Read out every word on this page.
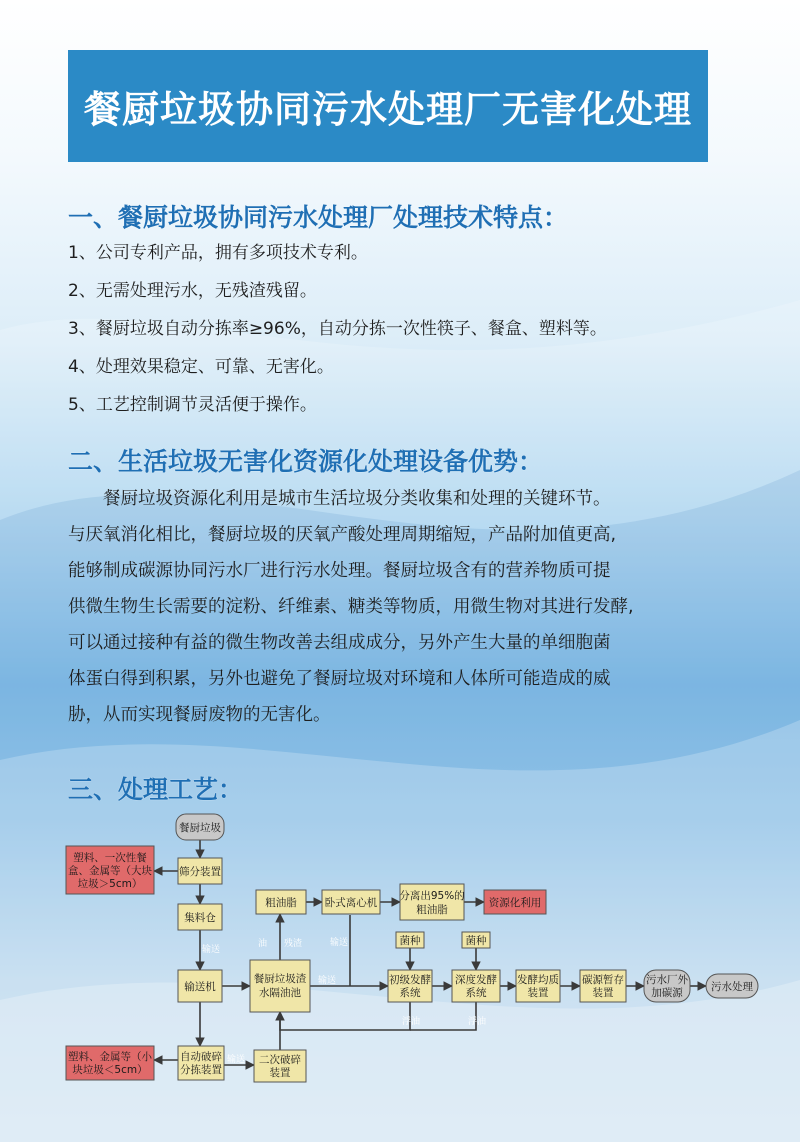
餐厨垃圾协同污水处理厂无害化处理
一、餐厨垃圾协同污水处理厂处理技术特点：
1、公司专利产品，拥有多项技术专利。
2、无需处理污水，无残渣残留。
3、餐厨垃圾自动分拣率≥96%，自动分拣一次性筷子、餐盒、塑料等。
4、处理效果稳定、可靠、无害化。
5、工艺控制调节灵活便于操作。
二、生活垃圾无害化资源化处理设备优势：
　　餐厨垃圾资源化利用是城市生活垃圾分类收集和处理的关键环节。
与厌氧消化相比，餐厨垃圾的厌氧产酸处理周期缩短，产品附加值更高,
能够制成碳源协同污水厂进行污水处理。餐厨垃圾含有的营养物质可提
供微生物生长需要的淀粉、纤维素、糖类等物质，用微生物对其进行发酵,
可以通过接种有益的微生物改善去组成成分，另外产生大量的单细胞菌
体蛋白得到积累，另外也避免了餐厨垃圾对环境和人体所可能造成的威
胁，从而实现餐厨废物的无害化。
三、处理工艺：
餐厨垃圾
筛分装置
塑料、一次性餐
盒、金属等（大块
垃圾＞5cm）
集料仓
输送机
自动破碎
分拣装置
塑料、金属等（小
块垃圾＜5cm）
二次破碎
装置
餐厨垃圾渣
水隔油池
粗油脂	卧式离心机
分离出95%的
粗油脂
资源化利用
菌种	菌种
初级发酵
系统
深度发酵
系统
发酵均质
装置
碳源暂存
装置
污水厂外
加碳源	污水处理
输送
输送
输送
输送
油 残渣
浮油	浮油
